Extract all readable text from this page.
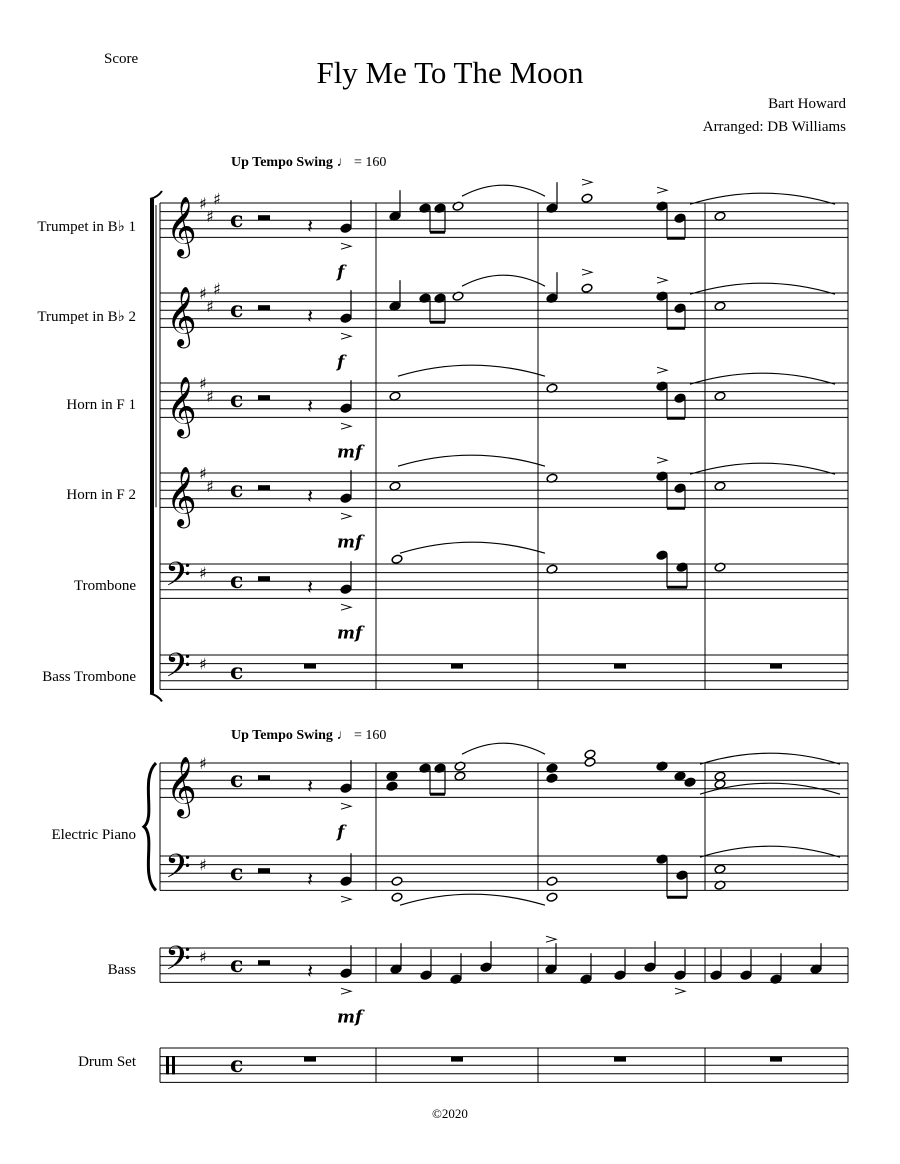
Score	Fly Me To The Moon
Bart Howard
Arranged: DB Williams
Up Tempo Swing ♩ = 160
Up Tempo Swing ♩ = 160
Trumpet in B♭ 1
Trumpet in B♭ 2
Horn in F 1
Horn in F 2
Trombone
Bass Trombone
Electric Piano
Bass
Drum Set
©2020
𝄞
𝄞
𝄞
𝄞
𝄢
𝄢
𝄞
𝄢
𝄢
♯
♯
♯
♯
♯
♯
♯
♯
♯
♯
♯
♯
♯
♯
♯
c
c
c
c
c
c
c
c
c
c
𝄽
𝄽
𝄽
𝄽
𝄽
𝄽
𝄽
𝄽
f
f
mf
mf
mf
f
mf
